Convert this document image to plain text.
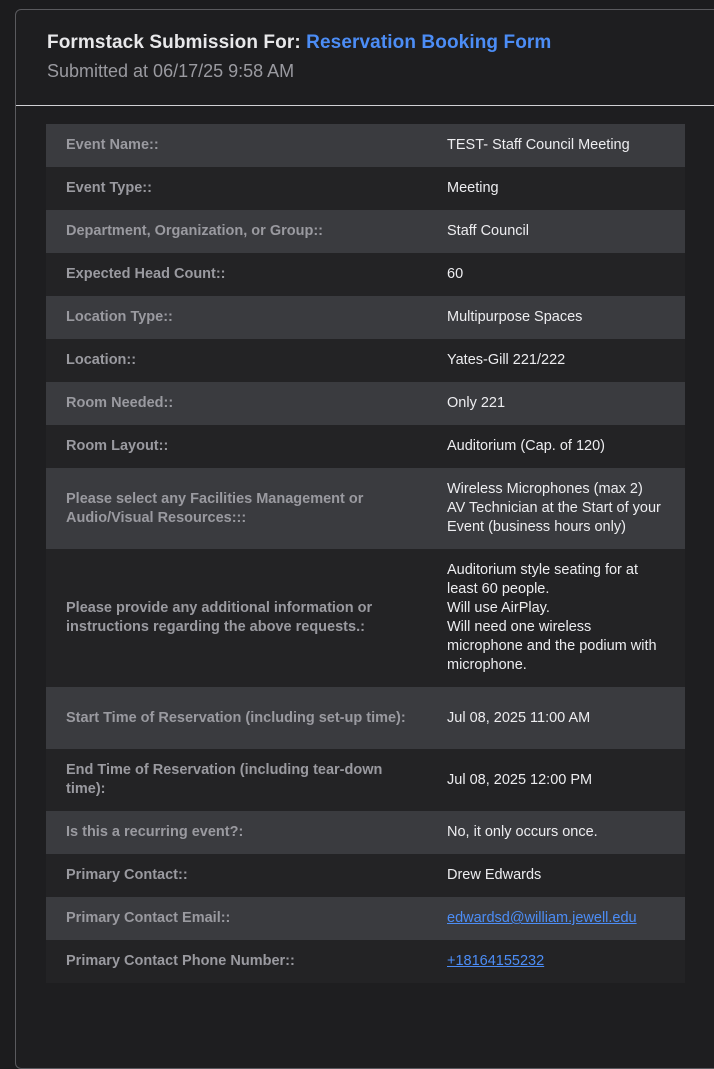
Formstack Submission For: Reservation Booking Form
Submitted at 06/17/25 9:58 AM
Event Name::	TEST- Staff Council Meeting
Event Type::	Meeting
Department, Organization, or Group::	Staff Council
Expected Head Count::	60
Location Type::	Multipurpose Spaces
Location::	Yates-Gill 221/222
Room Needed::	Only 221
Room Layout::	Auditorium (Cap. of 120)
Please select any Facilities Management or Audio/Visual Resources:::	Wireless Microphones (max 2)
AV Technician at the Start of your Event (business hours only)

Please provide any additional information or instructions regarding the above requests.:	Auditorium style seating for at least 60 people.
Will use AirPlay.
Will need one wireless microphone and the podium with microphone.

Start Time of Reservation (including set-up time):	Jul 08, 2025 11:00 AM
End Time of Reservation (including tear-down time):	Jul 08, 2025 12:00 PM
Is this a recurring event?:	No, it only occurs once.
Primary Contact::	Drew Edwards
Primary Contact Email::	edwardsd@william.jewell.edu
Primary Contact Phone Number::	+18164155232
